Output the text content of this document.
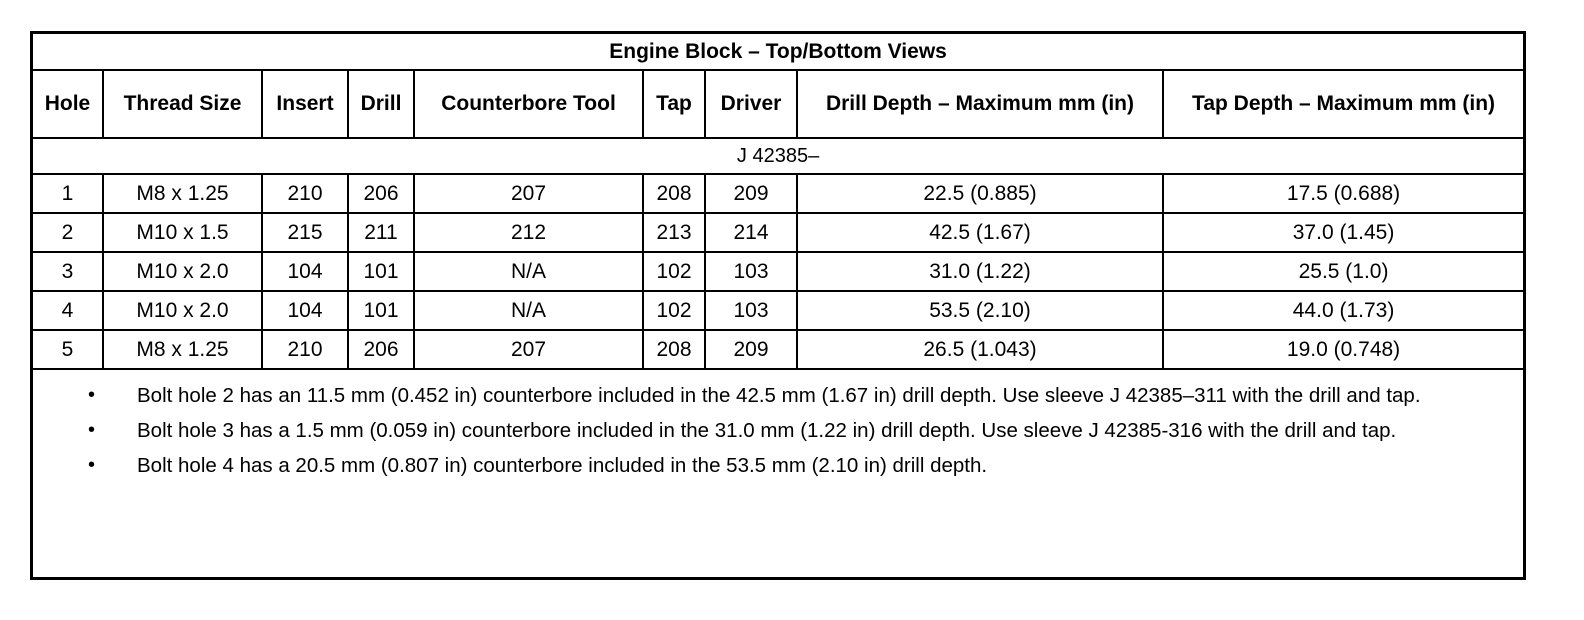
Engine Block – Top/Bottom Views								
Hole	Thread Size	Insert	Drill	Counterbore Tool	Tap	Driver	Drill Depth – Maximum mm (in)	Tap Depth – Maximum mm (in)
J 42385–								
1	M8 x 1.25	210	206	207	208	209	22.5 (0.885)	17.5 (0.688)
2	M10 x 1.5	215	211	212	213	214	42.5 (1.67)	37.0 (1.45)
3	M10 x 2.0	104	101	N/A	102	103	31.0 (1.22)	25.5 (1.0)
4	M10 x 2.0	104	101	N/A	102	103	53.5 (2.10)	44.0 (1.73)
5	M8 x 1.25	210	206	207	208	209	26.5 (1.043)	19.0 (0.748)
• Bolt hole 2 has an 11.5 mm (0.452 in) counterbore included in the 42.5 mm (1.67 in) drill depth. Use sleeve J 42385–311 with the drill and tap.
• Bolt hole 3 has a 1.5 mm (0.059 in) counterbore included in the 31.0 mm (1.22 in) drill depth. Use sleeve J 42385-316 with the drill and tap.
• Bolt hole 4 has a 20.5 mm (0.807 in) counterbore included in the 53.5 mm (2.10 in) drill depth.
